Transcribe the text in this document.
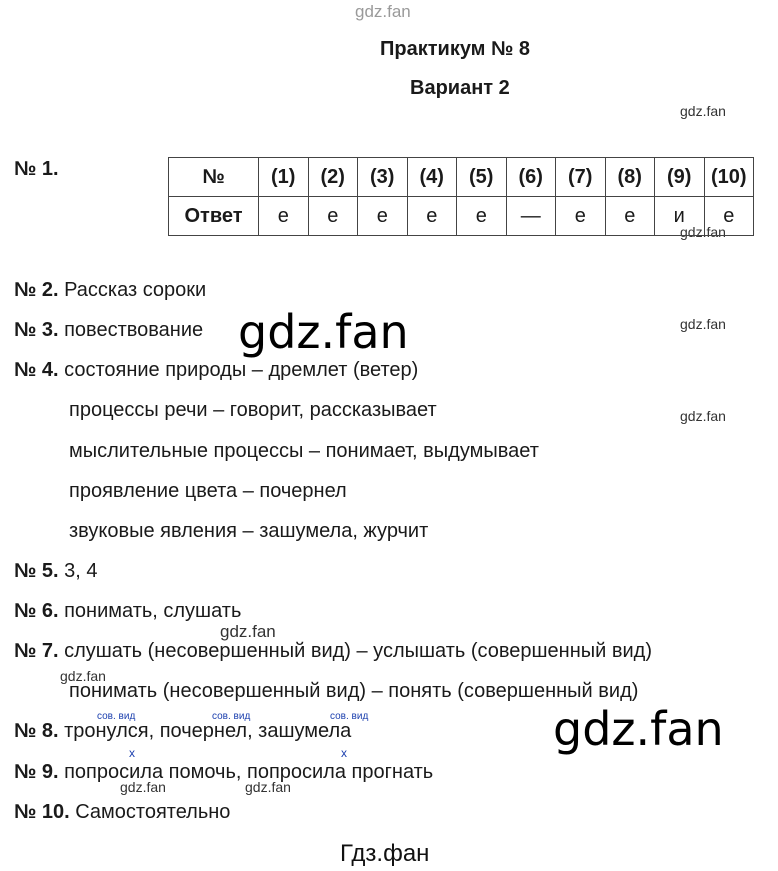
gdz.fan
gdz.fan
gdz.fan
gdz.fan
gdz.fan
gdz.fan
gdz.fan
gdz.fan
gdz.fan
gdz.fan	gdz.fan
Практикум № 8
Вариант 2
№ 1.	№	(1)	(2)	(3)	(4)	(5)	(6)	(7)	(8)	(9)	(10)
Ответ	е	е	е	е	е	—	е	е	и	е
№ 2. Рассказ сороки
№ 3. повествование
№ 4. состояние природы – дремлет (ветер)
процессы речи – говорит, рассказывает
мыслительные процессы – понимает, выдумывает
проявление цвета – почернел
звуковые явления – зашумела, журчит
№ 5. 3, 4
№ 6. понимать, слушать
№ 7. слушать (несовершенный вид) – услышать (совершенный вид)
понимать (несовершенный вид) – понять (совершенный вид)
сов. вид	сов. вид	сов. вид
№ 8. тронулся, почернел, зашумела
x	x
№ 9. попросила помочь, попросила прогнать
№ 10. Самостоятельно
Гдз.фан
